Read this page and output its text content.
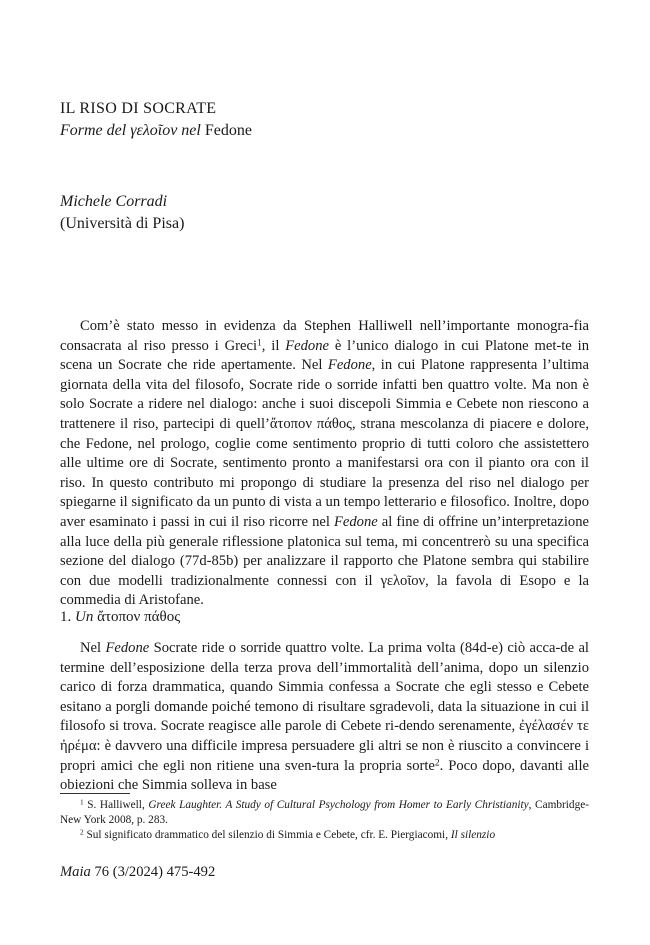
IL RISO DI SOCRATE
Forme del γελοῖον nel Fedone
Michele Corradi
(Università di Pisa)

Com’è stato messo in evidenza da Stephen Halliwell nell’importante monogra-fia consacrata al riso presso i Greci$^1$, il Fedone è l’unico dialogo in cui Platone met-te in scena un Socrate che ride apertamente. Nel Fedone, in cui Platone rappresenta l’ultima giornata della vita del filosofo, Socrate ride o sorride infatti ben quattro volte. Ma non è solo Socrate a ridere nel dialogo: anche i suoi discepoli Simmia e Cebete non riescono a trattenere il riso, partecipi di quell’ἄτοπον πάθος, strana mescolanza di piacere e dolore, che Fedone, nel prologo, coglie come sentimento proprio di tutti coloro che assistettero alle ultime ore di Socrate, sentimento pronto a manifestarsi ora con il pianto ora con il riso. In questo contributo mi propongo di studiare la presenza del riso nel dialogo per spiegarne il significato da un punto di vista a un tempo letterario e filosofico. Inoltre, dopo aver esaminato i passi in cui il riso ricorre nel Fedone al fine di offrine un’interpretazione alla luce della più generale riflessione platonica sul tema, mi concentrerò su una specifica sezione del dialogo (77d-85b) per analizzare il rapporto che Platone sembra qui stabilire con due modelli tradizionalmente connessi con il γελοῖον, la favola di Esopo e la commedia di Aristofane.

1. Un ἄτοπον πάθος

Nel Fedone Socrate ride o sorride quattro volte. La prima volta (84d-e) ciò acca-de al termine dell’esposizione della terza prova dell’immortalità dell’anima, dopo un silenzio carico di forza drammatica, quando Simmia confessa a Socrate che egli stesso e Cebete esitano a porgli domande poiché temono di risultare sgradevoli, data la situazione in cui il filosofo si trova. Socrate reagisce alle parole di Cebete ri-dendo serenamente, ἐγέλασέν τε ἠρέμα: è davvero una difficile impresa persuadere gli altri se non è riuscito a convincere i propri amici che egli non ritiene una sven-tura la propria sorte$^2$. Poco dopo, davanti alle obiezioni che Simmia solleva in base

$^1$ S. Halliwell, Greek Laughter. A Study of Cultural Psychology from Homer to Early Christianity, Cambridge-New York 2008, p. 283.

$^2$ Sul significato drammatico del silenzio di Simmia e Cebete, cfr. E. Piergiacomi, Il silenzio

Maia 76 (3/2024) 475-492
